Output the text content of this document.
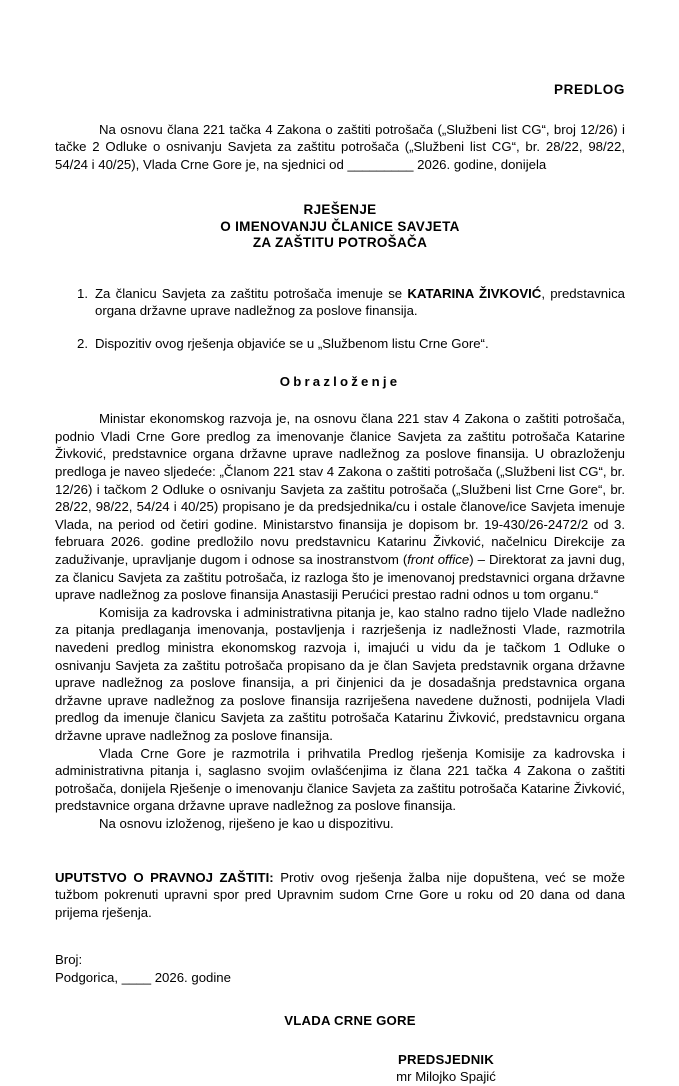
PREDLOG

Na osnovu člana 221 tačka 4 Zakona o zaštiti potrošača („Službeni list CG“, broj 12/26) i tačke 2 Odluke o osnivanju Savjeta za zaštitu potrošača („Službeni list CG“, br. 28/22, 98/22, 54/24 i 40/25), Vlada Crne Gore je, na sjednici od _________ 2026. godine, donijela

RJEŠENJE
O IMENOVANJU ČLANICE SAVJETA
ZA ZAŠTITU POTROŠAČA
1. Za članicu Savjeta za zaštitu potrošača imenuje se KATARINA ŽIVKOVIĆ, predstavnica organa državne uprave nadležnog za poslove finansija.
2. Dispozitiv ovog rješenja objaviće se u „Službenom listu Crne Gore“.
Obrazloženje

Ministar ekonomskog razvoja je, na osnovu člana 221 stav 4 Zakona o zaštiti potrošača, podnio Vladi Crne Gore predlog za imenovanje članice Savjeta za zaštitu potrošača Katarine Živković, predstavnice organa državne uprave nadležnog za poslove finansija. U obrazloženju predloga je naveo sljedeće: „Članom 221 stav 4 Zakona o zaštiti potrošača („Službeni list CG“, br. 12/26) i tačkom 2 Odluke o osnivanju Savjeta za zaštitu potrošača („Službeni list Crne Gore“, br. 28/22, 98/22, 54/24 i 40/25) propisano je da predsjednika/cu i ostale članove/ice Savjeta imenuje Vlada, na period od četiri godine. Ministarstvo finansija je dopisom br. 19-430/26-2472/2 od 3. februara 2026. godine predložilo novu predstavnicu Katarinu Živković, načelnicu Direkcije za zaduživanje, upravljanje dugom i odnose sa inostranstvom (front office) – Direktorat za javni dug, za članicu Savjeta za zaštitu potrošača, iz razloga što je imenovanoj predstavnici organa državne uprave nadležnog za poslove finansija Anastasiji Perućici prestao radni odnos u tom organu.“

Komisija za kadrovska i administrativna pitanja je, kao stalno radno tijelo Vlade nadležno za pitanja predlaganja imenovanja, postavljenja i razrješenja iz nadležnosti Vlade, razmotrila navedeni predlog ministra ekonomskog razvoja i, imajući u vidu da je tačkom 1 Odluke o osnivanju Savjeta za zaštitu potrošača propisano da je član Savjeta predstavnik organa državne uprave nadležnog za poslove finansija, a pri činjenici da je dosadašnja predstavnica organa državne uprave nadležnog za poslove finansija razriješena navedene dužnosti, podnijela Vladi predlog da imenuje članicu Savjeta za zaštitu potrošača Katarinu Živković, predstavnicu organa državne uprave nadležnog za poslove finansija.

Vlada Crne Gore je razmotrila i prihvatila Predlog rješenja Komisije za kadrovska i administrativna pitanja i, saglasno svojim ovlašćenjima iz člana 221 tačka 4 Zakona o zaštiti potrošača, donijela Rješenje o imenovanju članice Savjeta za zaštitu potrošača Katarine Živković, predstavnice organa državne uprave nadležnog za poslove finansija.

Na osnovu izloženog, riješeno je kao u dispozitivu.

UPUTSTVO O PRAVNOJ ZAŠTITI: Protiv ovog rješenja žalba nije dopuštena, već se može tužbom pokrenuti upravni spor pred Upravnim sudom Crne Gore u roku od 20 dana od dana prijema rješenja.
Broj:
Podgorica, ____ 2026. godine
VLADA CRNE GORE
PREDSJEDNIK
mr Milojko Spajić
